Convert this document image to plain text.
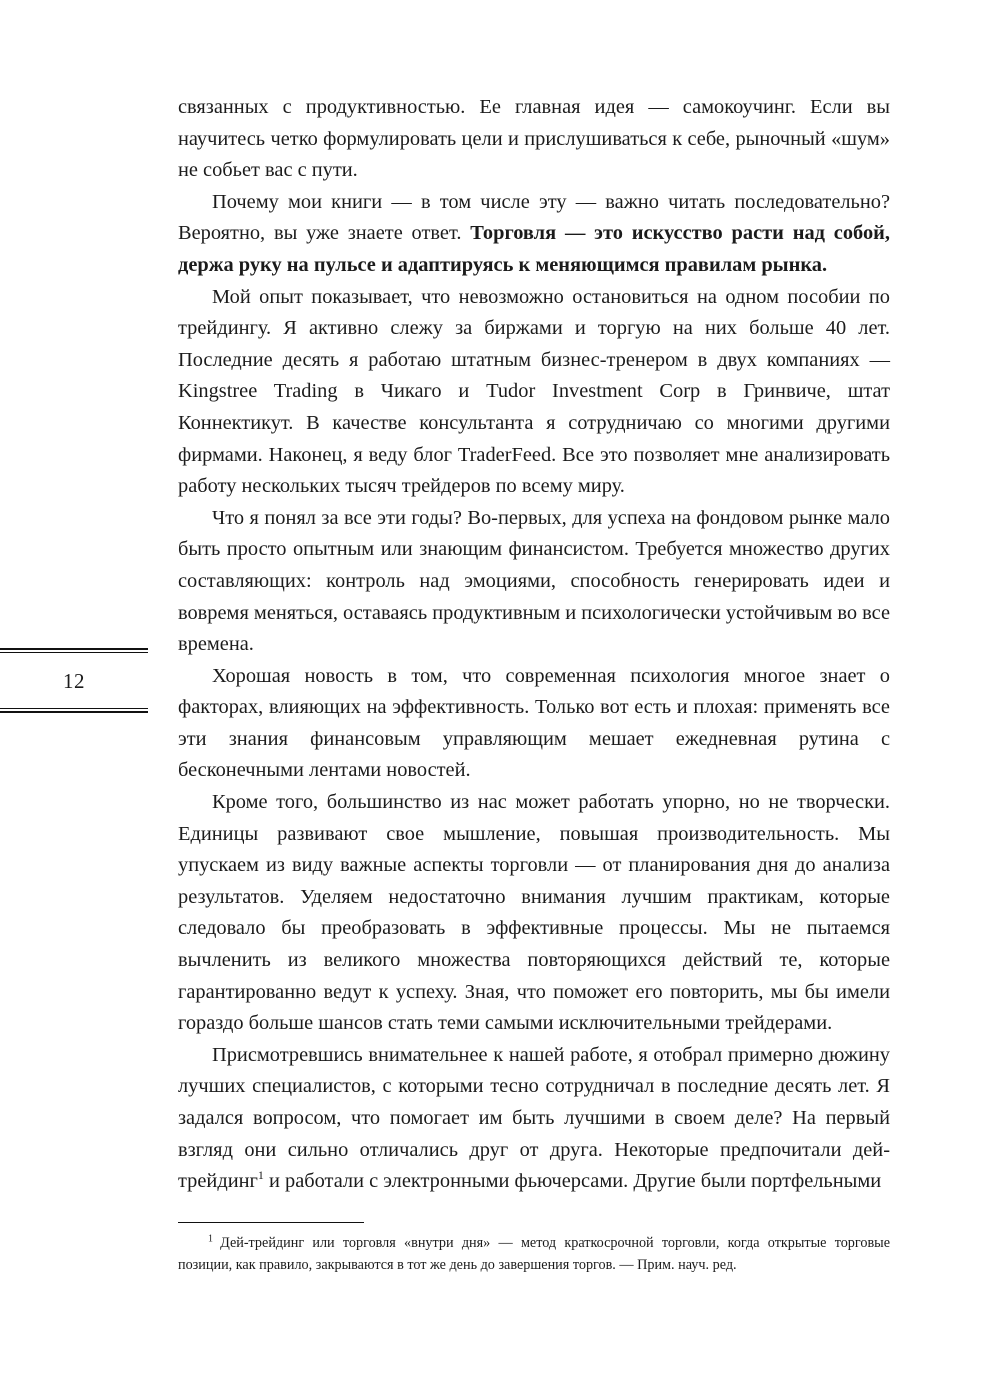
12

связанных с продуктивностью. Ее главная идея — самокоучинг. Если вы научитесь четко формулировать цели и прислушиваться к себе, рыночный «шум» не собьет вас с пути.

Почему мои книги — в том числе эту — важно читать последовательно? Вероятно, вы уже знаете ответ. Торговля — это искусство расти над собой, держа руку на пульсе и адаптируясь к меняющимся правилам рынка.

Мой опыт показывает, что невозможно остановиться на одном пособии по трейдингу. Я активно слежу за биржами и торгую на них больше 40 лет. Последние десять я работаю штатным бизнес-тренером в двух компаниях — Kingstree Trading в Чикаго и Tudor Investment Corp в Гринвиче, штат Коннектикут. В качестве консультанта я сотрудничаю со многими другими фирмами. Наконец, я веду блог TraderFeed. Все это позволяет мне анализировать работу нескольких тысяч трейдеров по всему миру.

Что я понял за все эти годы? Во-первых, для успеха на фондовом рынке мало быть просто опытным или знающим финансистом. Требуется множество других составляющих: контроль над эмоциями, способность генерировать идеи и вовремя меняться, оставаясь продуктивным и психологически устойчивым во все времена.

Хорошая новость в том, что современная психология многое знает о факторах, влияющих на эффективность. Только вот есть и плохая: применять все эти знания финансовым управляющим мешает ежедневная рутина с бесконечными лентами новостей.

Кроме того, большинство из нас может работать упорно, но не творчески. Единицы развивают свое мышление, повышая производительность. Мы упускаем из виду важные аспекты торговли — от планирования дня до анализа результатов. Уделяем недостаточно внимания лучшим практикам, которые следовало бы преобразовать в эффективные процессы. Мы не пытаемся вычленить из великого множества повторяющихся действий те, которые гарантированно ведут к успеху. Зная, что поможет его повторить, мы бы имели гораздо больше шансов стать теми самыми исключительными трейдерами.

Присмотревшись внимательнее к нашей работе, я отобрал примерно дюжину лучших специалистов, с которыми тесно сотрудничал в последние десять лет. Я задался вопросом, что помогает им быть лучшими в своем деле? На первый взгляд они сильно отличались друг от друга. Некоторые предпочитали дей-трейдинг$^1$ и работали с электронными фьючерсами. Другие были портфельными

$^1$ Дей-трейдинг или торговля «внутри дня» — метод краткосрочной торговли, когда открытые торговые позиции, как правило, закрываются в тот же день до завершения торгов. — Прим. науч. ред.
